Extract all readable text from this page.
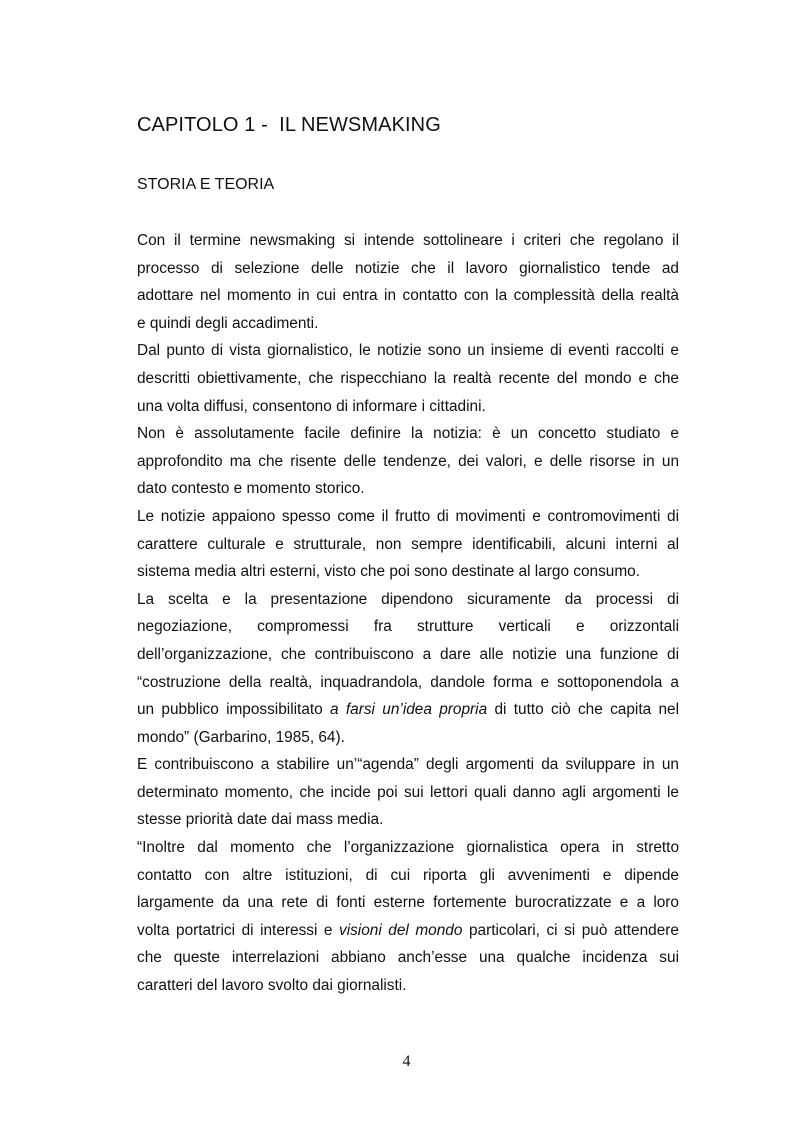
CAPITOLO 1 -  IL NEWSMAKING
STORIA E TEORIA

Con il termine newsmaking si intende sottolineare i criteri che regolano il
processo di selezione delle notizie che il lavoro giornalistico tende ad
adottare nel momento in cui entra in contatto con la complessità della realtà
e quindi degli accadimenti.

Dal punto di vista giornalistico, le notizie sono un insieme di eventi raccolti e
descritti obiettivamente, che rispecchiano la realtà recente del mondo e che
una volta diffusi, consentono di informare i cittadini.

Non è assolutamente facile definire la notizia: è un concetto studiato e
approfondito ma che risente delle tendenze, dei valori, e delle risorse in un
dato contesto e momento storico.

Le notizie appaiono spesso come il frutto di movimenti e contromovimenti di
carattere culturale e strutturale, non sempre identificabili, alcuni interni al
sistema media altri esterni, visto che poi sono destinate al largo consumo.

La scelta e la presentazione dipendono sicuramente da processi di
negoziazione, compromessi fra strutture verticali e orizzontali
dell’organizzazione, che contribuiscono a dare alle notizie una funzione di
“costruzione della realtà, inquadrandola, dandole forma e sottoponendola a
un pubblico impossibilitato a farsi un’idea propria di tutto ciò che capita nel
mondo” (Garbarino, 1985, 64).

E contribuiscono a stabilire un’“agenda” degli argomenti da sviluppare in un
determinato momento, che incide poi sui lettori quali danno agli argomenti le
stesse priorità date dai mass media.

“Inoltre dal momento che l’organizzazione giornalistica opera in stretto
contatto con altre istituzioni, di cui riporta gli avvenimenti e dipende
largamente da una rete di fonti esterne fortemente burocratizzate e a loro
volta portatrici di interessi e visioni del mondo particolari, ci si può attendere
che queste interrelazioni abbiano anch’esse una qualche incidenza sui
caratteri del lavoro svolto dai giornalisti.

4
